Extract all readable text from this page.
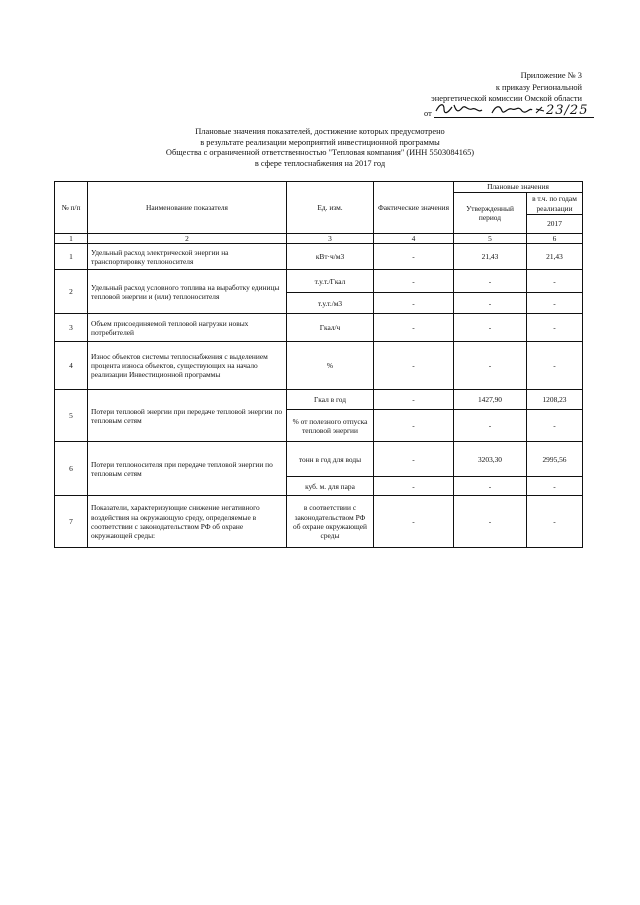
Приложение № 3
к приказу Региональной
энергетической комиссии Омской области
от	23/25
Плановые значения показателей, достижение которых предусмотрено
в результате реализации мероприятий инвестиционной программы
Общества с ограниченной ответственностью "Тепловая компания" (ИНН 5503084165)
в сфере теплоснабжения на 2017 год
№ п/п	Наименование показателя	Ед. изм.	Фактические значения	Плановые значения	
				Утвержденный период	в т.ч. по годам реализации
					2017
1	2	3	4	5	6
1	Удельный расход электрической энергии на транспортировку теплоносителя	кВт·ч/м3	-	21,43	21,43
2	Удельный расход условного топлива на выработку единицы тепловой энергии и (или) теплоносителя	т.у.т./Гкал	-	-	-
		т.у.т./м3	-	-	-
3	Объем присоединяемой тепловой нагрузки новых потребителей	Гкал/ч	-	-	-
4	Износ объектов системы теплоснабжения с выделением процента износа объектов, существующих на начало реализации Инвестиционной программы	%	-	-	-
5	Потери тепловой энергии при передаче тепловой энергии по тепловым сетям	Гкал в год	-	1427,90	1208,23
		% от полезного отпуска тепловой энергии	-	-	-
6	Потери теплоносителя при передаче тепловой энергии по тепловым сетям	тонн в год для воды	-	3203,30	2995,56
		куб. м. для пара	-	-	-
7	Показатели, характеризующие снижение негативного воздействия на окружающую среду, определяемые в соответствии с законодательством РФ об охране окружающей среды:	в соответствии с законодательством РФ об охране окружающей среды	-	-	-
